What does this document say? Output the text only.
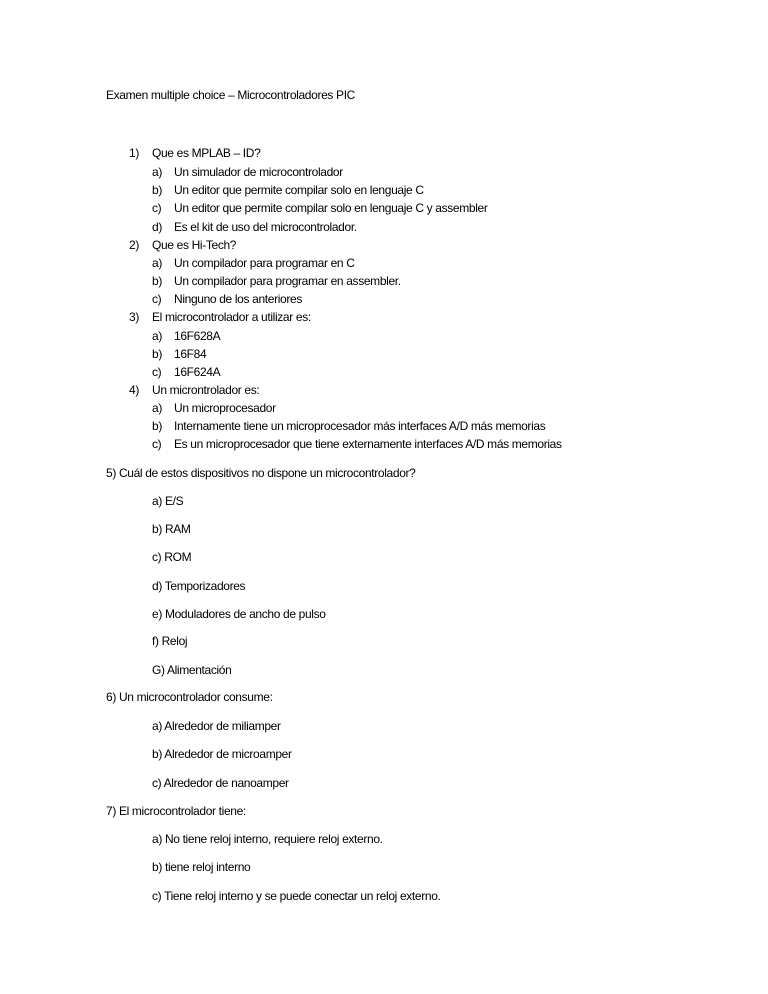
Examen multiple choice – Microcontroladores PIC
1) Que es MPLAB – ID?
a) Un simulador de microcontrolador
b) Un editor que permite compilar solo en lenguaje C
c) Un editor que permite compilar solo en lenguaje C y assembler
d) Es el kit de uso del microcontrolador.
2) Que es Hi-Tech?
a) Un compilador para programar en C
b) Un compilador para programar en assembler.
c) Ninguno de los anteriores
3) El microcontrolador a utilizar es:
a) 16F628A
b) 16F84
c) 16F624A
4) Un microntrolador es:
a) Un microprocesador
b) Internamente tiene un microprocesador más interfaces A/D más memorias
c) Es un microprocesador que tiene externamente interfaces A/D más memorias
5) Cuál de estos dispositivos no dispone un microcontrolador?
a) E/S
b) RAM
c) ROM
d) Temporizadores
e) Moduladores de ancho de pulso
f) Reloj
G) Alimentación
6) Un microcontrolador consume:
a) Alrededor de miliamper
b) Alrededor de microamper
c) Alrededor de nanoamper
7) El microcontrolador tiene:
a) No tiene reloj interno, requiere reloj externo.
b) tiene reloj interno
c) Tiene reloj interno y se puede conectar un reloj externo.
